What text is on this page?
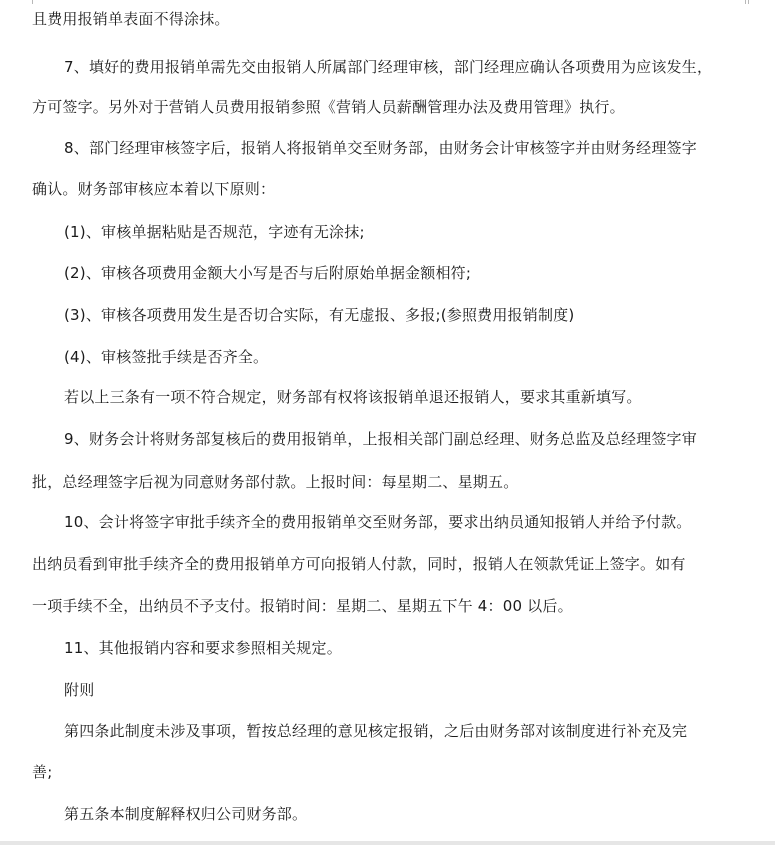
且费用报销单表面不得涂抹。
7、填好的费用报销单需先交由报销人所属部门经理审核，部门经理应确认各项费用为应该发生，
方可签字。另外对于营销人员费用报销参照《营销人员薪酬管理办法及费用管理》执行。
8、部门经理审核签字后，报销人将报销单交至财务部，由财务会计审核签字并由财务经理签字
确认。财务部审核应本着以下原则：
(1)、审核单据粘贴是否规范，字迹有无涂抹;
(2)、审核各项费用金额大小写是否与后附原始单据金额相符;
(3)、审核各项费用发生是否切合实际，有无虚报、多报;(参照费用报销制度)
(4)、审核签批手续是否齐全。
若以上三条有一项不符合规定，财务部有权将该报销单退还报销人，要求其重新填写。
9、财务会计将财务部复核后的费用报销单，上报相关部门副总经理、财务总监及总经理签字审
批，总经理签字后视为同意财务部付款。上报时间：每星期二、星期五。
10、会计将签字审批手续齐全的费用报销单交至财务部，要求出纳员通知报销人并给予付款。
出纳员看到审批手续齐全的费用报销单方可向报销人付款，同时，报销人在领款凭证上签字。如有
一项手续不全，出纳员不予支付。报销时间：星期二、星期五下午 4：00 以后。
11、其他报销内容和要求参照相关规定。
附则
第四条此制度未涉及事项，暂按总经理的意见核定报销，之后由财务部对该制度进行补充及完
善;
第五条本制度解释权归公司财务部。
